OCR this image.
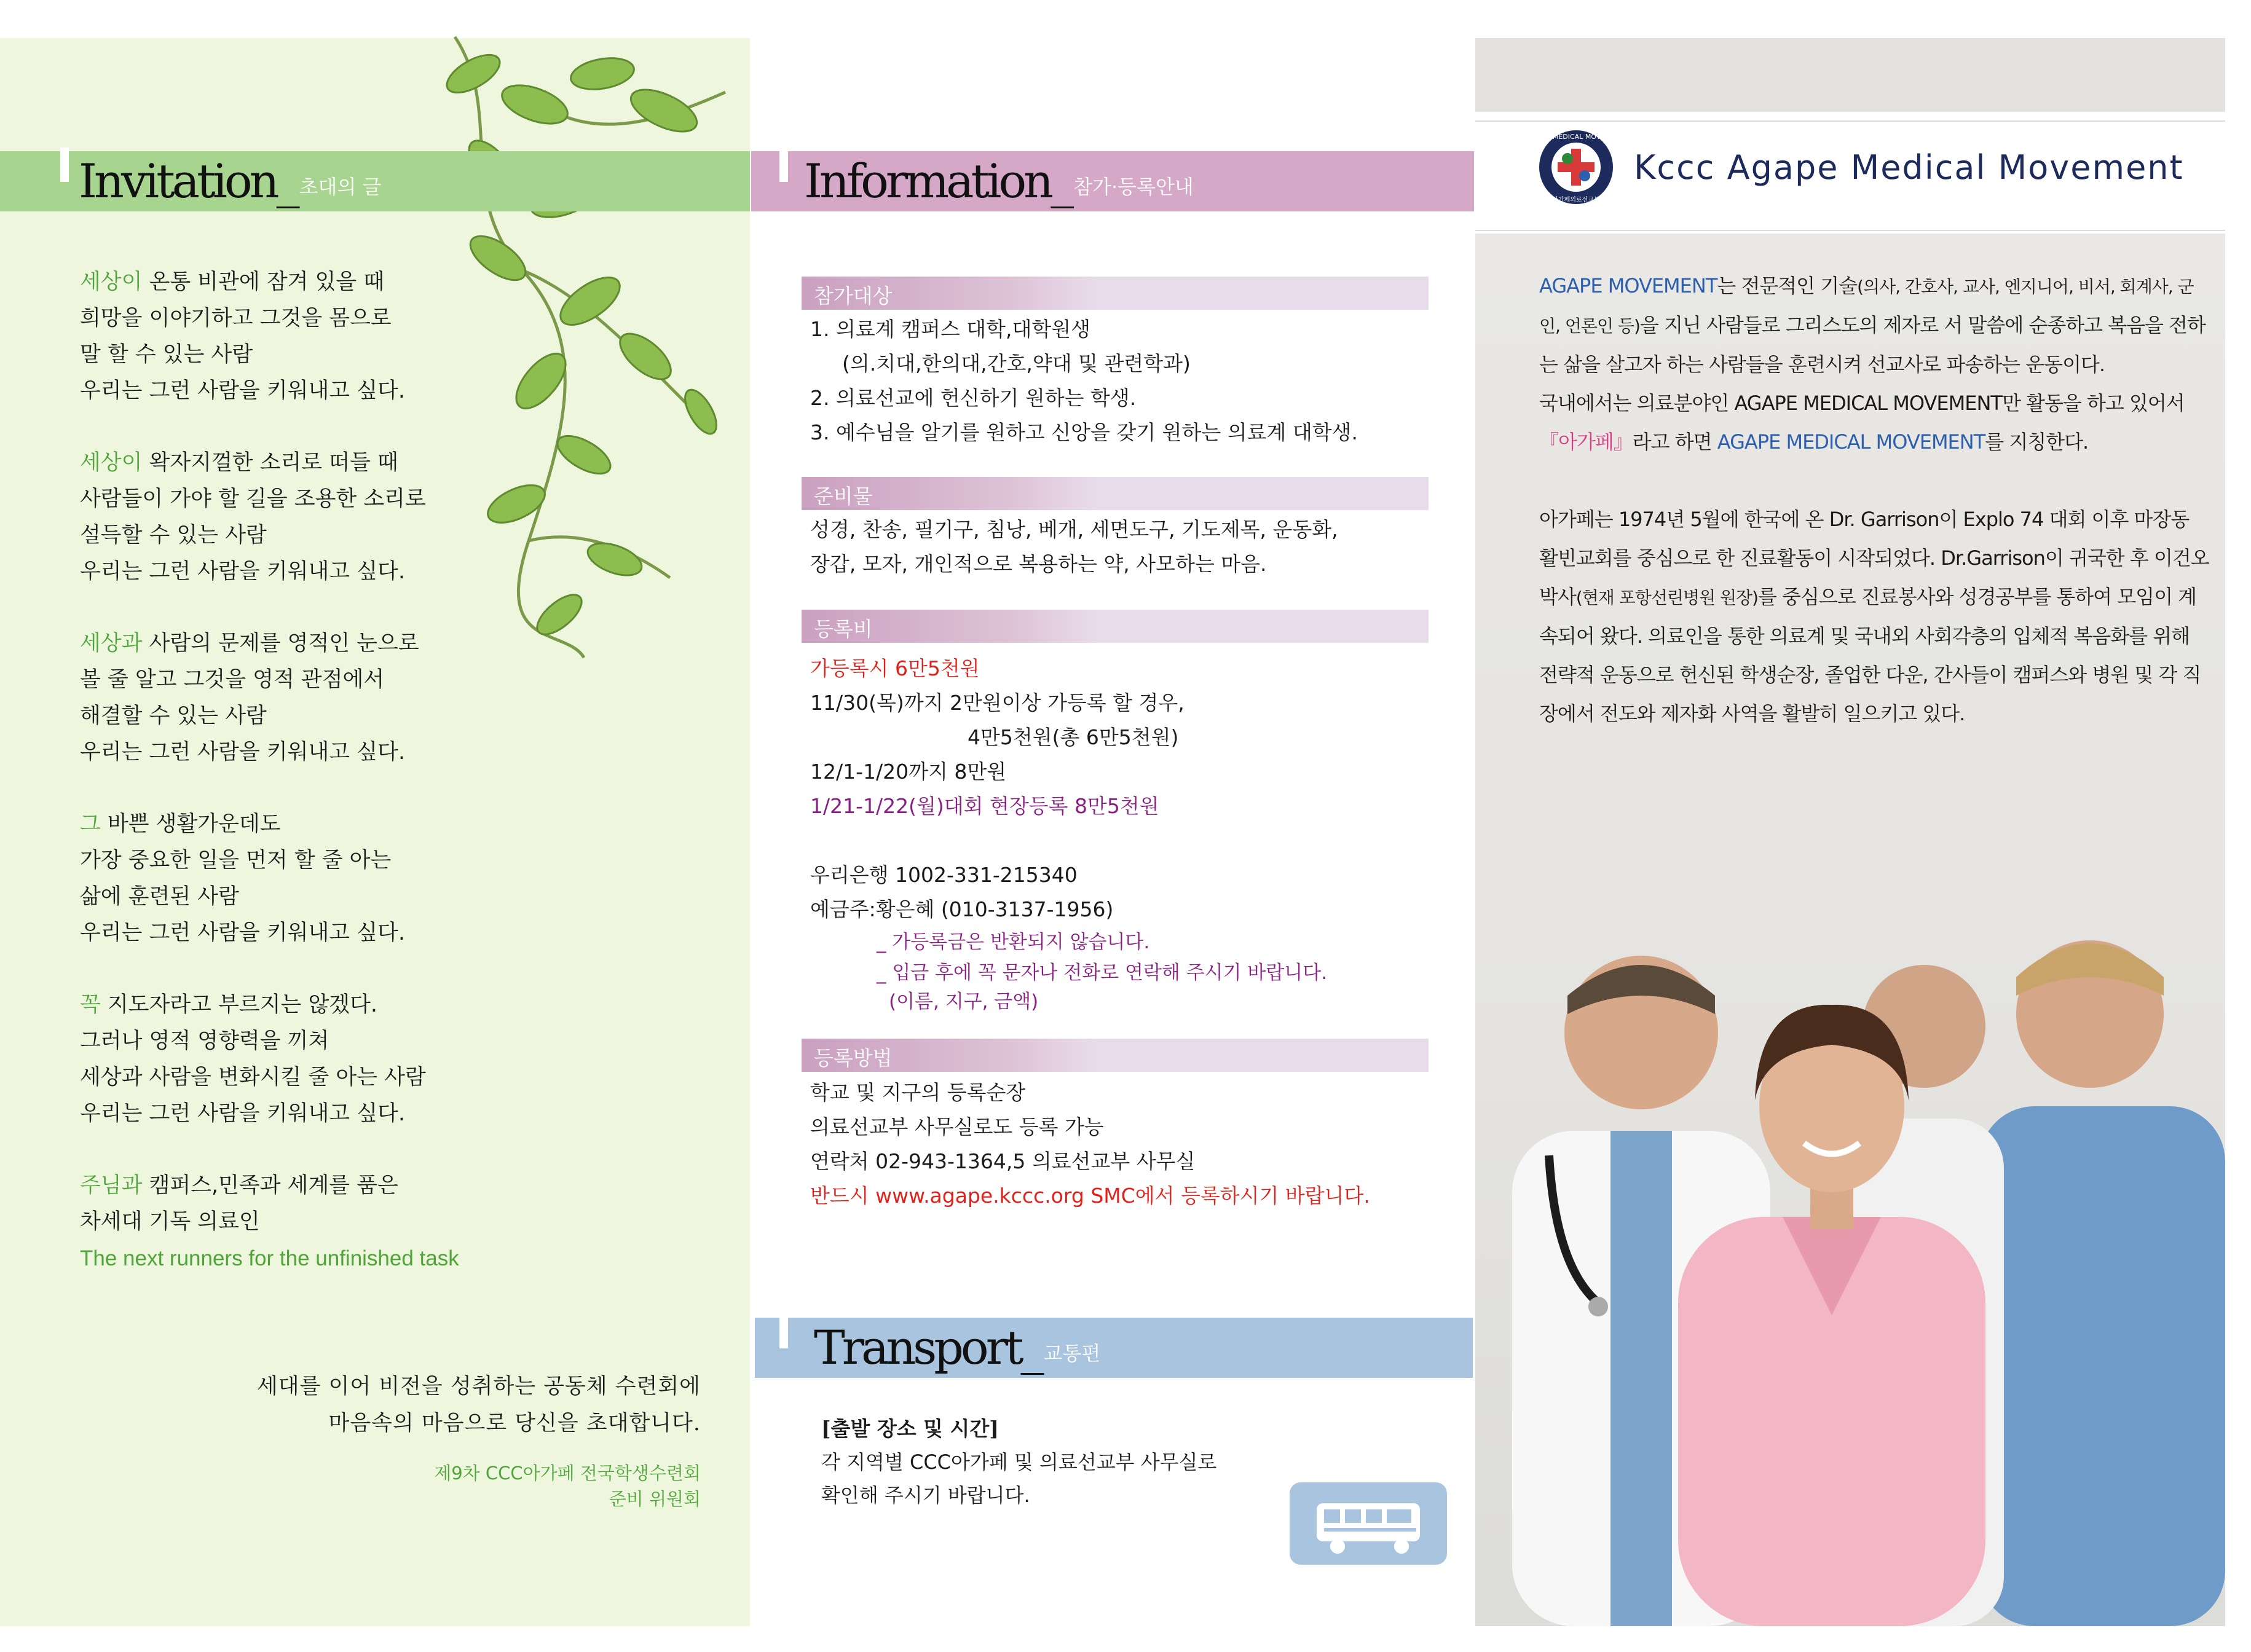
Invitation_ 초대의 글
세상이 온통 비관에 잠겨 있을 때
희망을 이야기하고 그것을 몸으로
말 할 수 있는 사람
우리는 그런 사람을 키워내고 싶다.
세상이 왁자지껄한 소리로 떠들 때
사람들이 가야 할 길을 조용한 소리로
설득할 수 있는 사람
우리는 그런 사람을 키워내고 싶다.
세상과 사람의 문제를 영적인 눈으로
볼 줄 알고 그것을 영적 관점에서
해결할 수 있는 사람
우리는 그런 사람을 키워내고 싶다.
그 바쁜 생활가운데도
가장 중요한 일을 먼저 할 줄 아는
삶에 훈련된 사람
우리는 그런 사람을 키워내고 싶다.
꼭 지도자라고 부르지는 않겠다.
그러나 영적 영향력을 끼쳐
세상과 사람을 변화시킬 줄 아는 사람
우리는 그런 사람을 키워내고 싶다.
주님과 캠퍼스,민족과 세계를 품은
차세대 기독 의료인
The next runners for the unfinished task
세대를 이어 비전을 성취하는 공동체 수련회에
마음속의 마음으로 당신을 초대합니다.
제9차 CCC아가페 전국학생수련회
준비 위원회
Information_ 참가·등록안내
참가대상
1. 의료계 캠퍼스 대학,대학원생
(의.치대,한의대,간호,약대 및 관련학과)
2. 의료선교에 헌신하기 원하는 학생.
3. 예수님을 알기를 원하고 신앙을 갖기 원하는 의료계 대학생.
준비물
성경, 찬송, 필기구, 침낭, 베개, 세면도구, 기도제목, 운동화,
장갑, 모자, 개인적으로 복용하는 약, 사모하는 마음.
등록비
가등록시 6만5천원
11/30(목)까지 2만원이상 가등록 할 경우,
4만5천원(총 6만5천원)
12/1-1/20까지 8만원
1/21-1/22(월)대회 현장등록 8만5천원
우리은행 1002-331-215340
예금주:황은혜 (010-3137-1956)
_ 가등록금은 반환되지 않습니다.
_ 입금 후에 꼭 문자나 전화로 연락해 주시기 바랍니다.
(이름, 지구, 금액)
등록방법
학교 및 지구의 등록순장
의료선교부 사무실로도 등록 가능
연락처 02-943-1364,5 의료선교부 사무실
반드시 www.agape.kccc.org SMC에서 등록하시기 바랍니다.
Transport_ 교통편
[출발 장소 및 시간]
각 지역별 CCC아가페 및 의료선교부 사무실로
확인해 주시기 바랍니다.
AGAPE MEDICAL MOVEMENT
아가페의료선교부
Kccc Agape Medical Movement

AGAPE MOVEMENT는 전문적인 기술(의사, 간호사, 교사, 엔지니어, 비서, 회계사, 군인, 언론인 등)을 지닌 사람들로 그리스도의 제자로 서 말씀에 순종하고 복음을 전하는 삶을 살고자 하는 사람들을 훈련시켜 선교사로 파송하는 운동이다.
국내에서는 의료분야인 AGAPE MEDICAL MOVEMENT만 활동을 하고 있어서 『아가페』라고 하면 AGAPE MEDICAL MOVEMENT를 지칭한다.

아가페는 1974년 5월에 한국에 온 Dr. Garrison이 Explo 74 대회 이후 마장동 활빈교회를 중심으로 한 진료활동이 시작되었다. Dr.Garrison이 귀국한 후 이건오 박사(현재 포항선린병원 원장)를 중심으로 진료봉사와 성경공부를 통하여 모임이 계속되어 왔다. 의료인을 통한 의료계 및 국내외 사회각층의 입체적 복음화를 위해 전략적 운동으로 헌신된 학생순장, 졸업한 다운, 간사들이 캠퍼스와 병원 및 각 직장에서 전도와 제자화 사역을 활발히 일으키고 있다.
